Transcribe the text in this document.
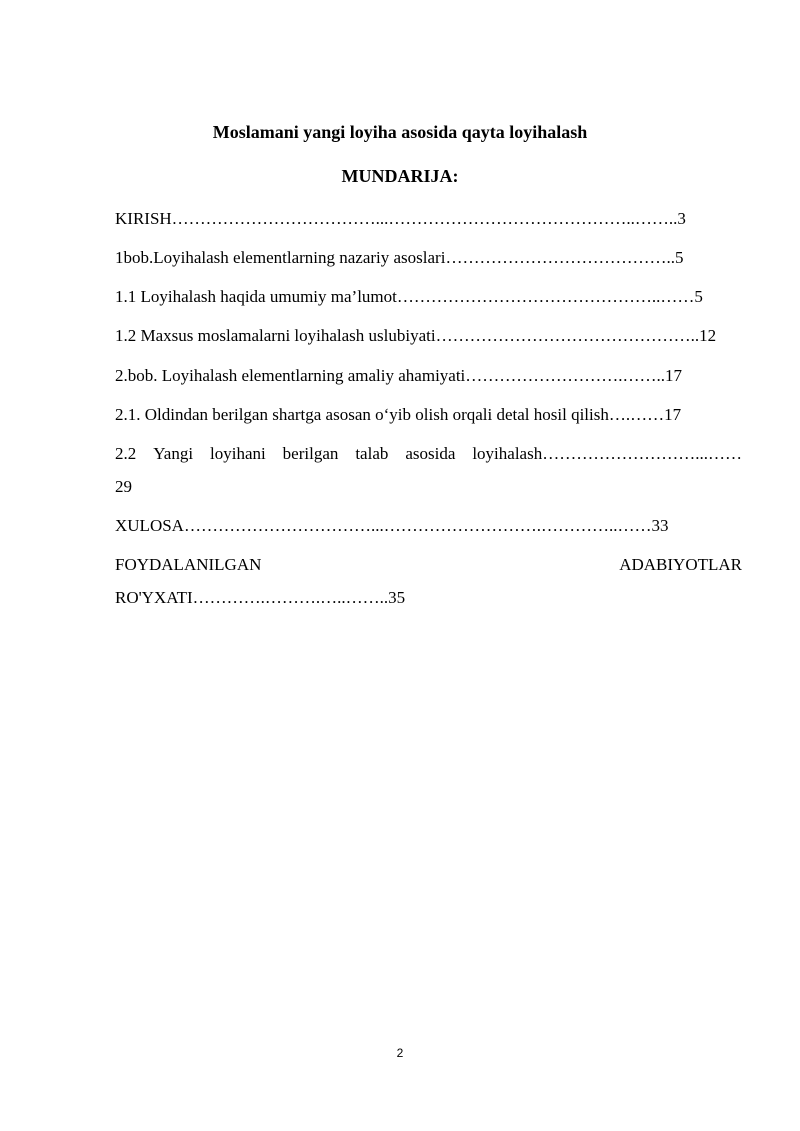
Moslamani yangi loyiha asosida qayta loyihalash
MUNDARIJA:
KIRISH………………………………...……………………………………..……..3
1bob.Loyihalash elementlarning nazariy asoslari…………………………………..5
1.1 Loyihalash haqida umumiy ma’lumot………………………………………..……5
1.2 Maxsus moslamalarni loyihalash uslubiyati………………………………………..12
2.bob. Loyihalash elementlarning amaliy ahamiyati……………………….……..17
2.1. Oldindan berilgan shartga asosan o‘yib olish orqali detal hosil qilish….……17
2.2 Yangi loyihani berilgan talab asosida loyihalash………………………...……
29
XULOSA……………………………...……………………….…………..……33
FOYDALANILGAN	ADABIYOTLAR
RO'YXATI………….……….…..……..35
2
